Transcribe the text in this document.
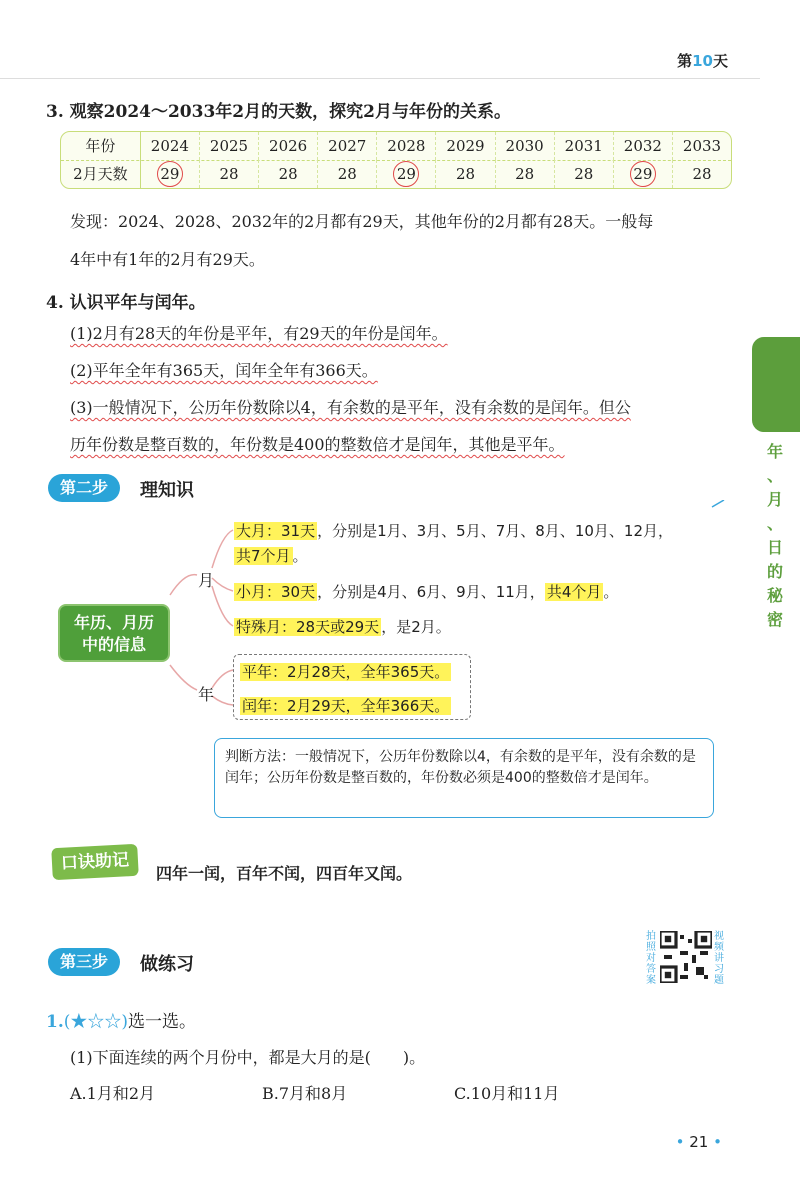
第10天
3. 观察2024～2033年2月的天数，探究2月与年份的关系。
年份	2024	2025	2026	2027	2028	2029	2030	2031	2032	2033
2月天数	29	28	28	28	29	28	28	28	29	28
发现：2024、2028、2032年的2月都有29天，其他年份的2月都有28天。一般每
4年中有1年的2月有29天。
4. 认识平年与闰年。
(1)2月有28天的年份是平年，有29天的年份是闰年。
(2)平年全年有365天，闰年全年有366天。
(3)一般情况下，公历年份数除以4，有余数的是平年，没有余数的是闰年。但公
历年份数是整百数的，年份数是400的整数倍才是闰年，其他是平年。	年
、
月
、
日
的
秘
密
第二步	理知识
年历、月历
中的信息
月
年
大月：31天 ，分别是1月、3月、5月、7月、8月、10月、12月，
共7个月 。
小月：30天 ，分别是4月、6月、9月、11月， 共4个月 。
特殊月：28天或29天 ，是2月。
平年：2月28天，全年365天。
闰年：2月29天，全年366天。
判断方法：一般情况下，公历年份数除以4，有余数的是平年，没有余数的是闰年；公历年份数是整百数的，年份数必须是400的整数倍才是闰年。
口诀助记	四年一闰，百年不闰，四百年又闰。
第三步	做练习
拍照对答案
视频讲习题
1.(★☆☆)选一选。
(1)下面连续的两个月份中，都是大月的是(　　)。
A.1月和2月	B.7月和8月	C.10月和11月
• 21 •
